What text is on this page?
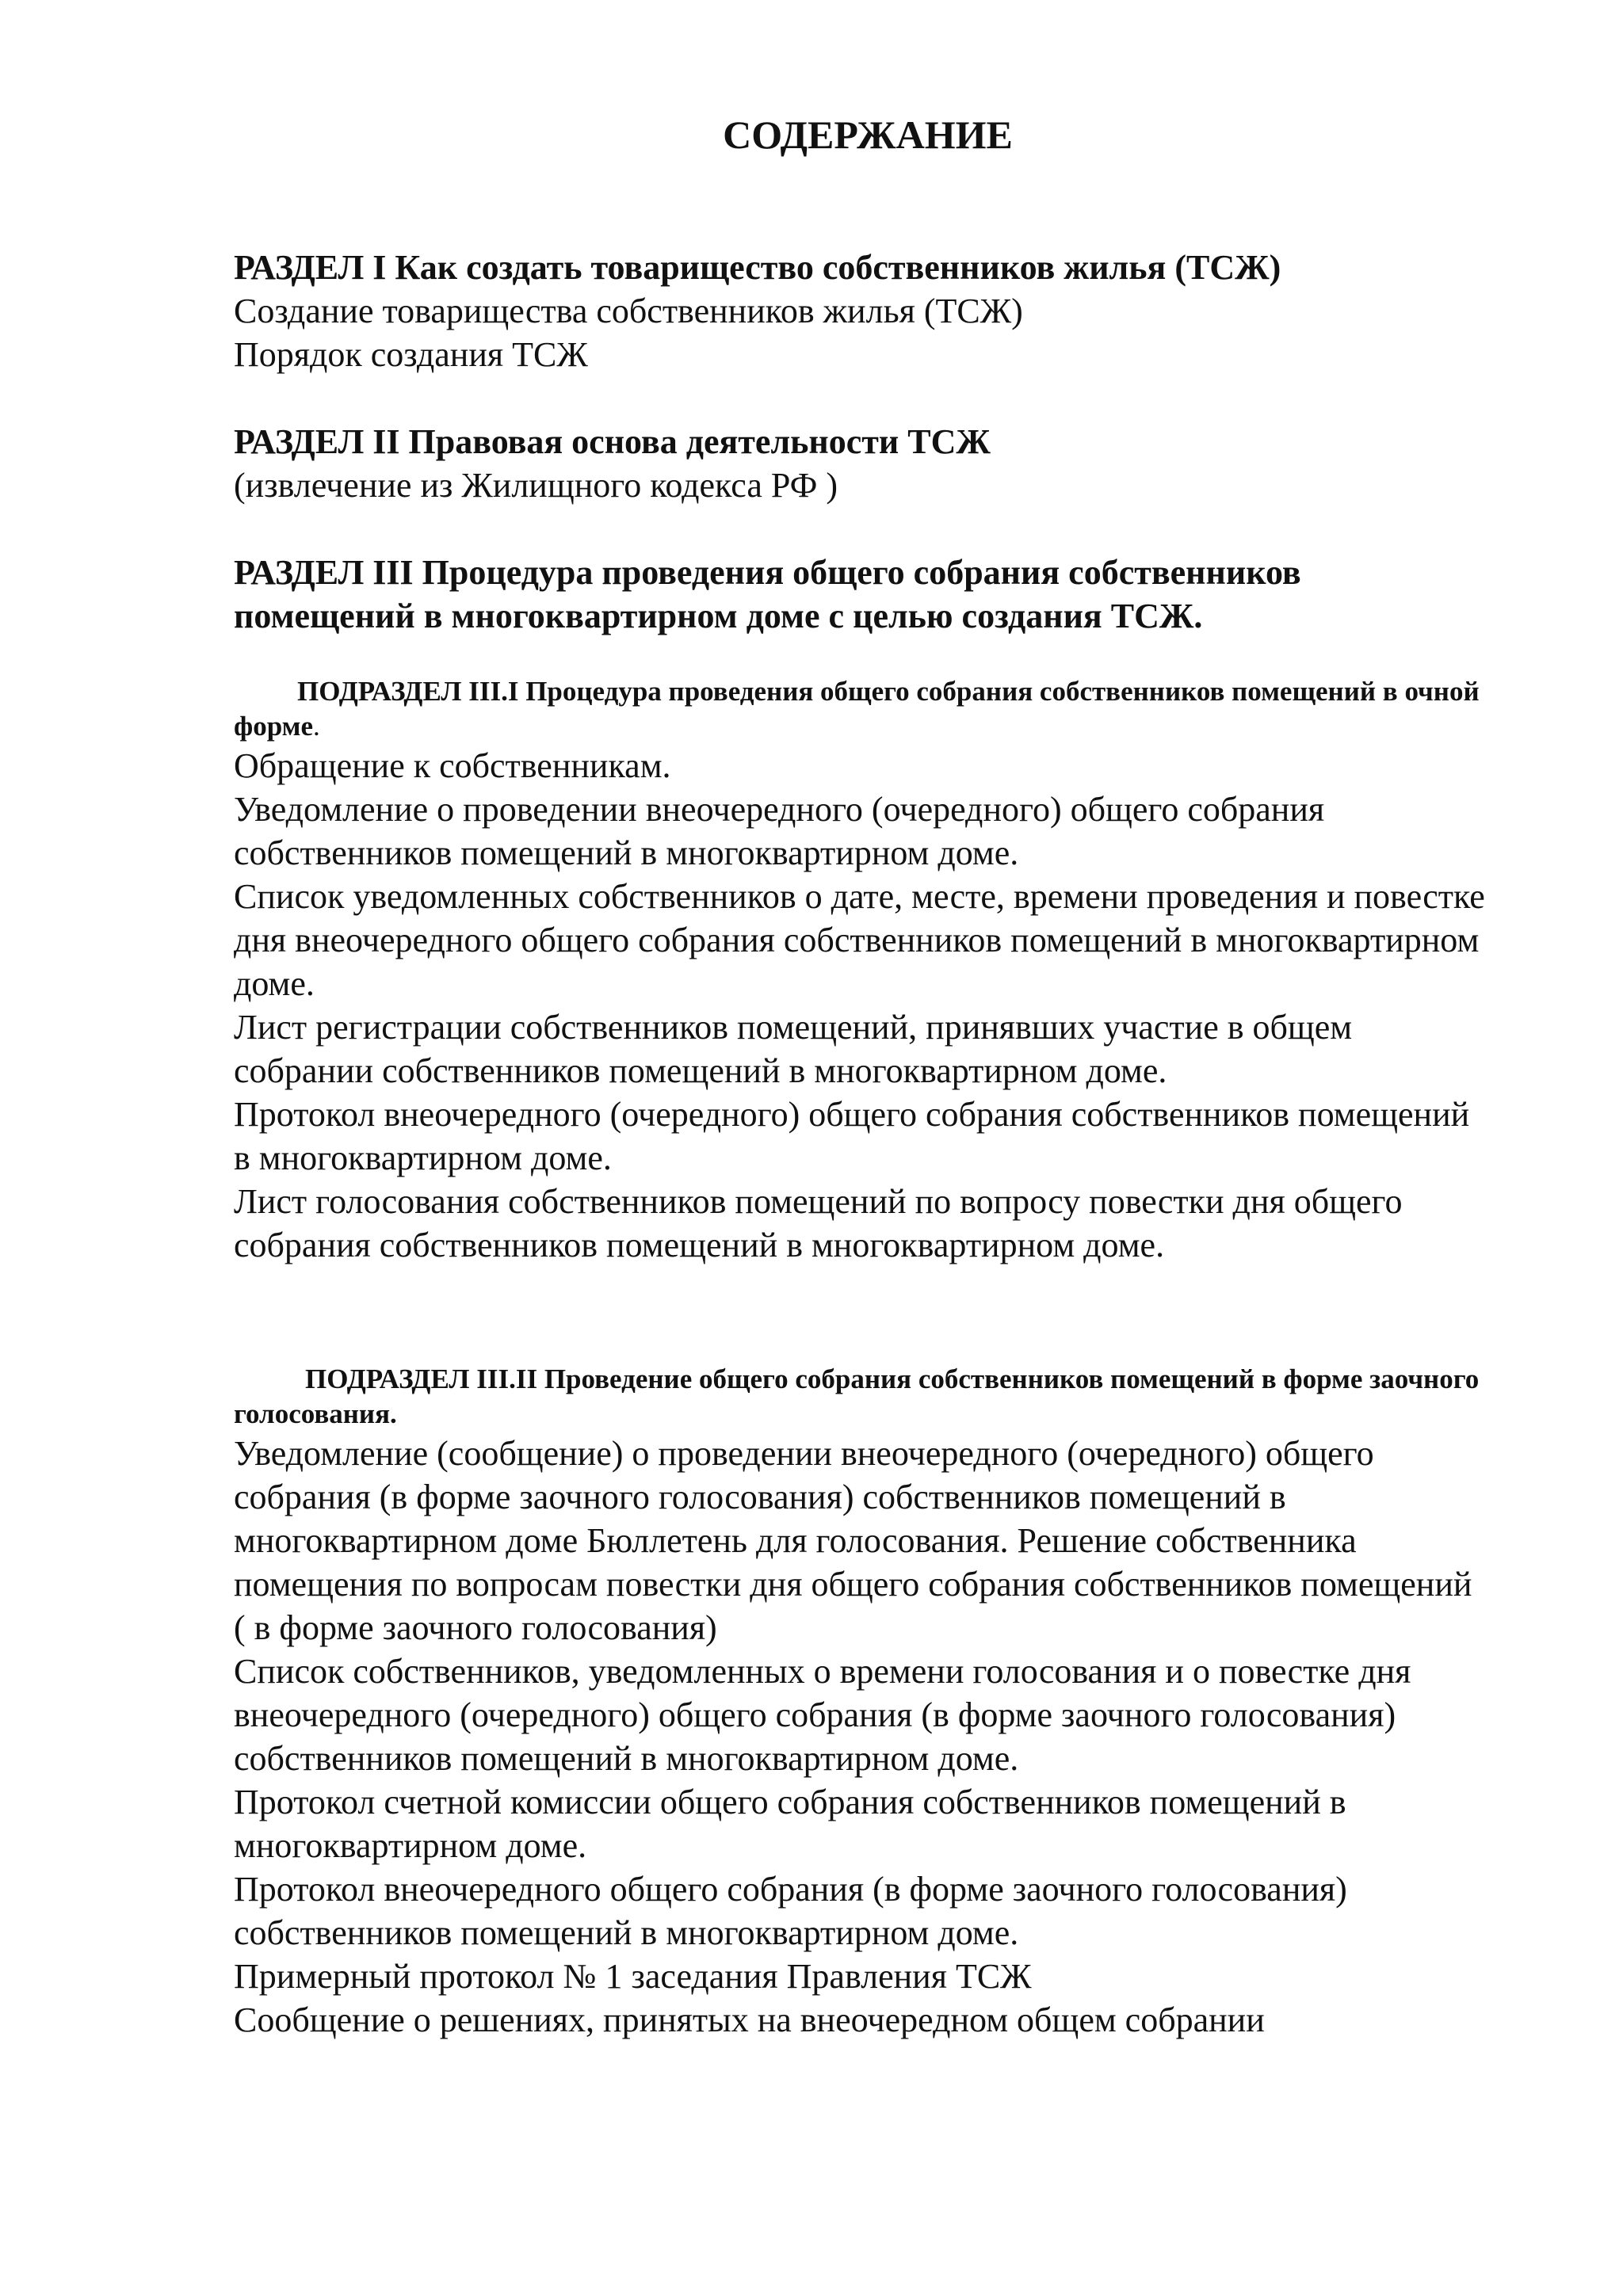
СОДЕРЖАНИЕ
РАЗДЕЛ I Как создать товарищество собственников жилья (ТСЖ)
Создание товарищества собственников жилья (ТСЖ)
Порядок создания ТСЖ
РАЗДЕЛ II Правовая основа деятельности ТСЖ
(извлечение из Жилищного кодекса РФ )
РАЗДЕЛ III Процедура проведения общего собрания собственников помещений в многоквартирном доме с целью создания ТСЖ.

ПОДРАЗДЕЛ III.I Процедура проведения общего собрания собственников помещений в очной форме.

Обращение к собственникам.

Уведомление о проведении внеочередного (очередного) общего собрания собственников помещений в многоквартирном доме.

Список уведомленных собственников о дате, месте, времени проведения и повестке дня внеочередного общего собрания собственников помещений в многоквартирном доме.

Лист регистрации собственников помещений, принявших участие в общем собрании собственников помещений в многоквартирном доме.

Протокол внеочередного (очередного) общего собрания собственников помещений в многоквартирном доме.

Лист голосования собственников помещений по вопросу повестки дня общего собрания собственников помещений в многоквартирном доме.

ПОДРАЗДЕЛ III.II Проведение общего собрания собственников помещений в форме заочного голосования.

Уведомление (сообщение) о проведении внеочередного (очередного) общего собрания (в форме заочного голосования) собственников помещений в многоквартирном доме Бюллетень для голосования. Решение собственника помещения по вопросам повестки дня общего собрания собственников помещений ( в форме заочного голосования)

Список собственников, уведомленных о времени голосования и о повестке дня внеочередного (очередного) общего собрания (в форме заочного голосования) собственников помещений в многоквартирном доме.

Протокол счетной комиссии общего собрания собственников помещений в многоквартирном доме.

Протокол внеочередного общего собрания (в форме заочного голосования) собственников помещений в многоквартирном доме.

Примерный протокол № 1 заседания Правления ТСЖ

Сообщение о решениях, принятых на внеочередном общем собрании
